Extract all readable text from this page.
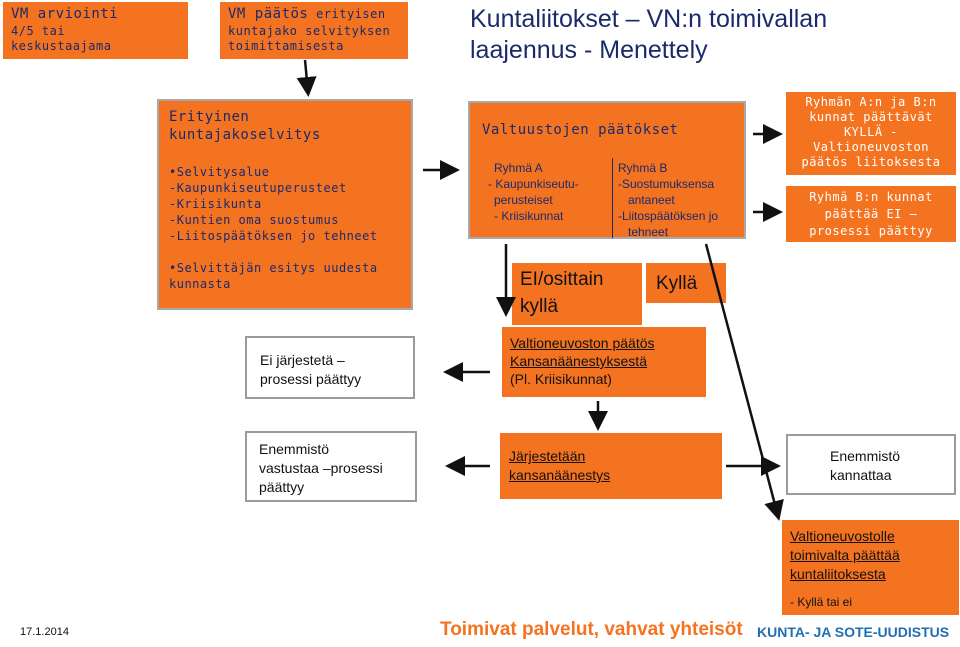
Kuntaliitokset – VN:n toimivallan
laajennus - Menettely
VM arviointi
4/5 tai
keskustaajama
VM päätös erityisen
kuntajako selvityksen
toimittamisesta
Erityinen
kuntajakoselvitys
•Selvitysalue
-Kaupunkiseutuperusteet
-Kriisikunta
-Kuntien oma suostumus
-Liitospäätöksen jo tehneet
•Selvittäjän esitys uudesta
kunnasta
Valtuustojen päätökset
Ryhmä A
- Kaupunkiseutu-
perusteiset
- Kriisikunnat
Ryhmä B
-Suostumuksensa
antaneet
-Liitospäätöksen jo
tehneet
Ryhmän A:n ja B:n
kunnat päättävät
KYLLÄ -
Valtioneuvoston
päätös liitoksesta
Ryhmä B:n kunnat
päättää EI –
prosessi päättyy
EI/osittain
kyllä
Kyllä
Valtioneuvoston päätös
Kansanäänestyksestä
(Pl. Kriisikunnat)
Ei järjestetä –
prosessi päättyy
Enemmistö
vastustaa –prosessi
päättyy
Järjestetään
kansanäänestys
Enemmistö
kannattaa
Valtioneuvostolle
toimivalta päättää
kuntaliitoksesta
- Kyllä tai ei
17.1.2014	Toimivat palvelut, vahvat yhteisöt KUNTA- JA SOTE-UUDISTUS
